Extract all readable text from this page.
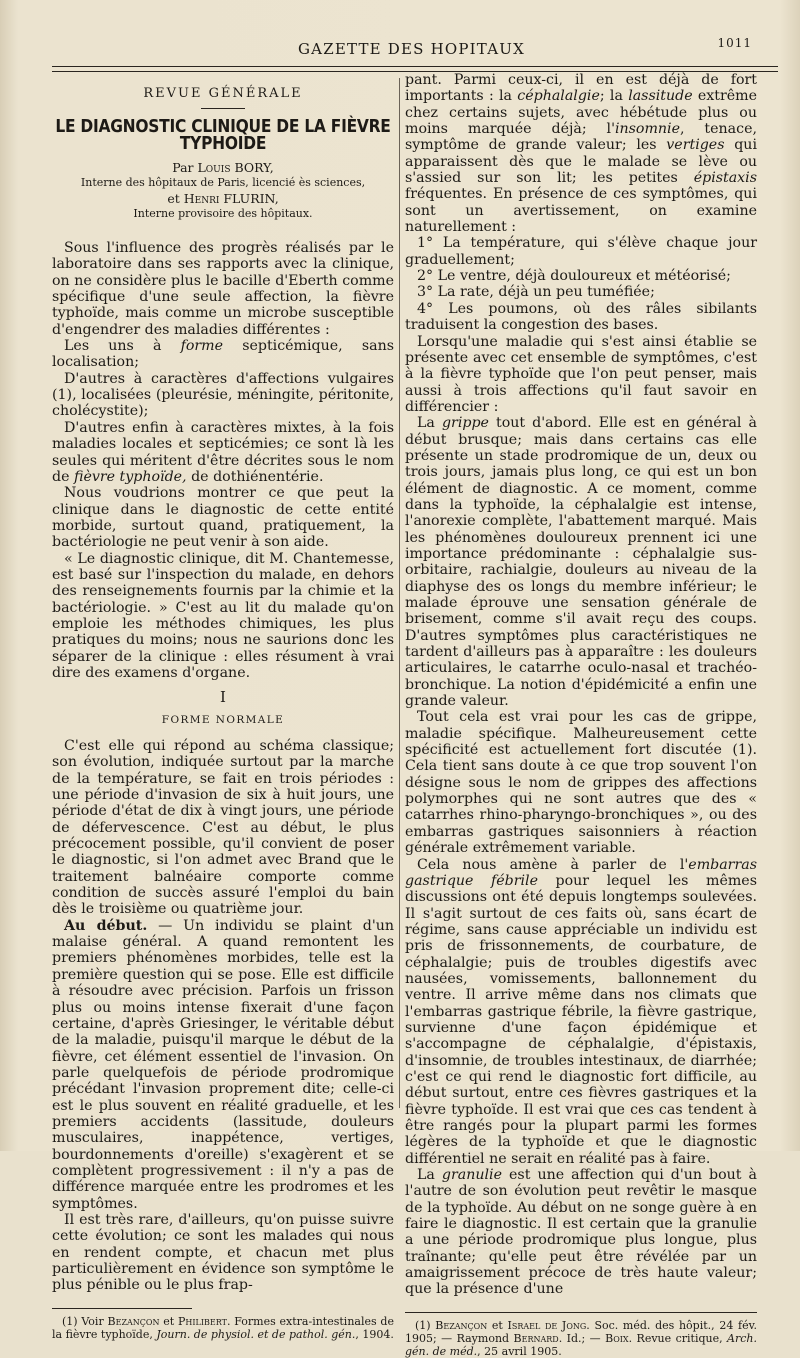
GAZETTE DES HOPITAUX	1011
REVUE GÉNÉRALE
LE DIAGNOSTIC CLINIQUE DE LA FIÈVRE TYPHOIDE
Par Louis BORY,
Interne des hôpitaux de Paris, licencié ès sciences,
et Henri FLURIN,
Interne provisoire des hôpitaux.

Sous l'influence des progrès réalisés par le laboratoire dans ses rapports avec la clinique, on ne considère plus le bacille d'Eberth comme spécifique d'une seule affection, la fièvre typhoïde, mais comme un microbe susceptible d'engendrer des maladies différentes :

Les uns à forme septicémique, sans localisation;

D'autres à caractères d'affections vulgaires (1), localisées (pleurésie, méningite, péritonite, cholécystite);

D'autres enfin à caractères mixtes, à la fois maladies locales et septicémies; ce sont là les seules qui méritent d'être décrites sous le nom de fièvre typhoïde, de dothiénentérie.

Nous voudrions montrer ce que peut la clinique dans le diagnostic de cette entité morbide, surtout quand, pratiquement, la bactériologie ne peut venir à son aide.

« Le diagnostic clinique, dit M. Chantemesse, est basé sur l'inspection du malade, en dehors des renseignements fournis par la chimie et la bactériologie. » C'est au lit du malade qu'on emploie les méthodes chimiques, les plus pratiques du moins; nous ne saurions donc les séparer de la clinique : elles résument à vrai dire des examens d'organe.

I
FORME NORMALE

C'est elle qui répond au schéma classique; son évolution, indiquée surtout par la marche de la température, se fait en trois périodes : une période d'invasion de six à huit jours, une période d'état de dix à vingt jours, une période de défervescence. C'est au début, le plus précocement possible, qu'il convient de poser le diagnostic, si l'on admet avec Brand que le traitement balnéaire comporte comme condition de succès assuré l'emploi du bain dès le troisième ou quatrième jour.

Au début. — Un individu se plaint d'un malaise général. A quand remontent les premiers phénomènes morbides, telle est la première question qui se pose. Elle est difficile à résoudre avec précision. Parfois un frisson plus ou moins intense fixerait d'une façon certaine, d'après Griesinger, le véritable début de la maladie, puisqu'il marque le début de la fièvre, cet élément essentiel de l'invasion. On parle quelquefois de période prodromique précédant l'invasion proprement dite; celle-ci est le plus souvent en réalité graduelle, et les premiers accidents (lassitude, douleurs musculaires, inappétence, vertiges, bourdonnements d'oreille) s'exagèrent et se complètent progressivement : il n'y a pas de différence marquée entre les prodromes et les symptômes.

Il est très rare, d'ailleurs, qu'on puisse suivre cette évolution; ce sont les malades qui nous en rendent compte, et chacun met plus particulièrement en évidence son symptôme le plus pénible ou le plus frap-

(1) Voir Bezançon et Philibert. Formes extra-intestinales de la fièvre typhoïde, Journ. de physiol. et de pathol. gén., 1904.

pant. Parmi ceux-ci, il en est déjà de fort importants : la céphalalgie; la lassitude extrême chez certains sujets, avec hébétude plus ou moins marquée déjà; l'insomnie, tenace, symptôme de grande valeur; les vertiges qui apparaissent dès que le malade se lève ou s'assied sur son lit; les petites épistaxis fréquentes. En présence de ces symptômes, qui sont un avertissement, on examine naturellement :

1° La température, qui s'élève chaque jour graduellement;

2° Le ventre, déjà douloureux et météorisé;

3° La rate, déjà un peu tuméfiée;

4° Les poumons, où des râles sibilants traduisent la congestion des bases.

Lorsqu'une maladie qui s'est ainsi établie se présente avec cet ensemble de symptômes, c'est à la fièvre typhoïde que l'on peut penser, mais aussi à trois affections qu'il faut savoir en différencier :

La grippe tout d'abord. Elle est en général à début brusque; mais dans certains cas elle présente un stade prodromique de un, deux ou trois jours, jamais plus long, ce qui est un bon élément de diagnostic. A ce moment, comme dans la typhoïde, la céphalalgie est intense, l'anorexie complète, l'abattement marqué. Mais les phénomènes douloureux prennent ici une importance prédominante : céphalalgie sus-orbitaire, rachialgie, douleurs au niveau de la diaphyse des os longs du membre inférieur; le malade éprouve une sensation générale de brisement, comme s'il avait reçu des coups. D'autres symptômes plus caractéristiques ne tardent d'ailleurs pas à apparaître : les douleurs articulaires, le catarrhe oculo-nasal et trachéo-bronchique. La notion d'épidémicité a enfin une grande valeur.

Tout cela est vrai pour les cas de grippe, maladie spécifique. Malheureusement cette spécificité est actuellement fort discutée (1). Cela tient sans doute à ce que trop souvent l'on désigne sous le nom de grippes des affections polymorphes qui ne sont autres que des « catarrhes rhino-pharyngo-bronchiques », ou des embarras gastriques saisonniers à réaction générale extrêmement variable.

Cela nous amène à parler de l'embarras gastrique fébrile pour lequel les mêmes discussions ont été depuis longtemps soulevées. Il s'agit surtout de ces faits où, sans écart de régime, sans cause appréciable un individu est pris de frissonnements, de courbature, de céphalalgie; puis de troubles digestifs avec nausées, vomissements, ballonnement du ventre. Il arrive même dans nos climats que l'embarras gastrique fébrile, la fièvre gastrique, survienne d'une façon épidémique et s'accompagne de céphalalgie, d'épistaxis, d'insomnie, de troubles intestinaux, de diarrhée; c'est ce qui rend le diagnostic fort difficile, au début surtout, entre ces fièvres gastriques et la fièvre typhoïde. Il est vrai que ces cas tendent à être rangés pour la plupart parmi les formes légères de la typhoïde et que le diagnostic différentiel ne serait en réalité pas à faire.

La granulie est une affection qui d'un bout à l'autre de son évolution peut revêtir le masque de la typhoïde. Au début on ne songe guère à en faire le diagnostic. Il est certain que la granulie a une période prodromique plus longue, plus traînante; qu'elle peut être révélée par un amaigrissement précoce de très haute valeur; que la présence d'une

(1) Bezançon et Israel de Jong. Soc. méd. des hôpit., 24 fév. 1905; — Raymond Bernard. Id.; — Boix. Revue critique, Arch. gén. de méd., 25 avril 1905.
